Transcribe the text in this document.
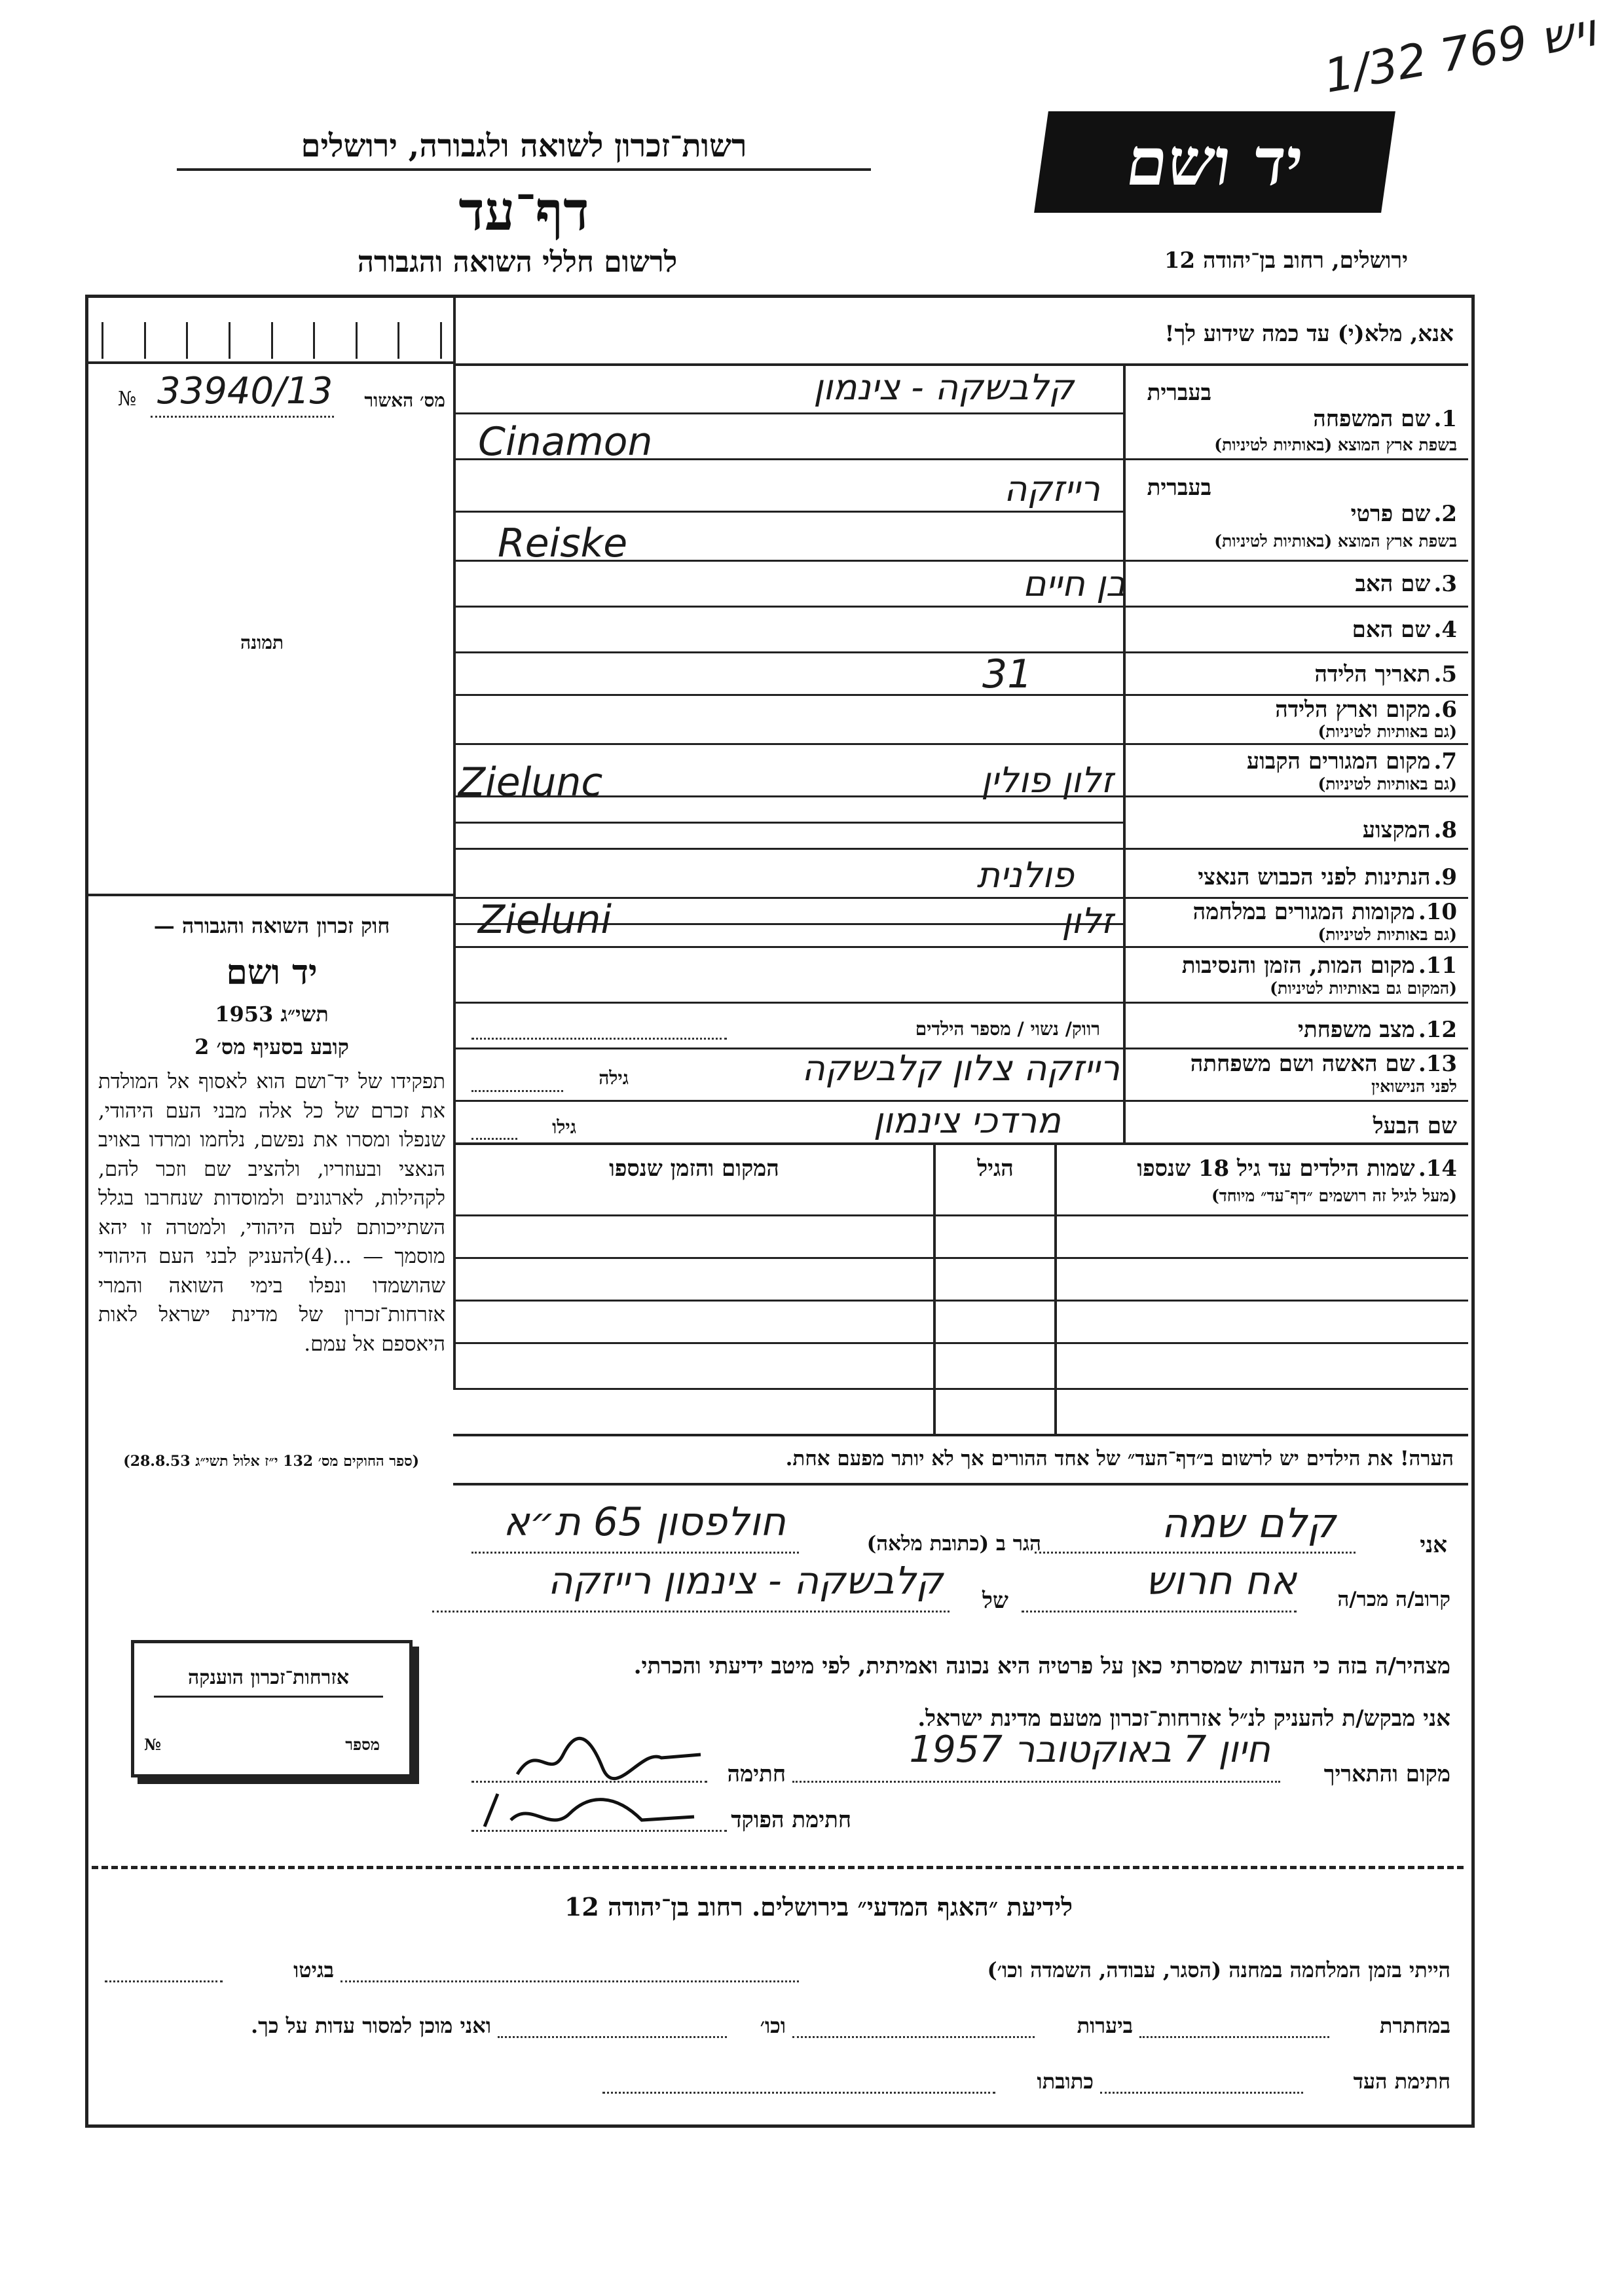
ויש 769 1/32
רשות־זכרון לשואה ולגבורה, ירושלים
דף־עד
לרשום חללי השואה והגבורה
יד ושם
ירושלים, רחוב בן־יהודה 12
אנא, מלא(י) עד כמה שידוע לך!
№ 33940/13	מס׳ האשור
תמונה
בעברית
1. שם המשפחה
בשפת ארץ המוצא (באותיות לטיניות)
קלבשקה - צינמון
Cinamon
בעברית
2. שם פרטי
בשפת ארץ המוצא (באותיות לטיניות)
רייזקה
Reiske
3. שם האב
בן חיים
4. שם האם
5. תאריך הלידה
31
6. מקום וארץ הלידה
(גם באותיות לטיניות)
7. מקום המגורים הקבוע
(גם באותיות לטיניות)
זלון פולין
Zielunc
8. המקצוע
9. הנתינות לפני הכבוש הנאצי
פולנית
10. מקומות המגורים במלחמה
(גם באותיות לטיניות)
זלון
Zieluni
11. מקום המות, הזמן והנסיבות
(המקום גם באותיות לטיניות)
12. מצב משפחתי
רווק/ נשוי / מספר הילדים
13. שם האשה ושם משפחתה
לפני הנישואין
רייזקה צלון קלבשקה
גילה
שם הבעל
מרדכי צינמון
גילו
14. שמות הילדים עד גיל 18 שנספו
(מעל לגיל זה רושמים ״דף־עד״ מיוחד)
הגיל
המקום והזמן שנספו
הערה! את הילדים יש לרשום ב״דף־העד״ של אחד ההורים אך לא יותר מפעם אחת.
חוק זכרון השואה והגבורה —
יד ושם
תשי״ג 1953
קובע בסעיף מס׳ 2
תפקידו של יד־ושם הוא לאסוף אל המולדת את זכרם של כל אלה מבני העם היהודי, שנפלו ומסרו את נפשם, נלחמו ומרדו באויב הנאצי ובעוזריו, ולהציב שם וזכר להם, לקהילות, לארגונים ולמוסדות שנחרבו בגלל השתייכותם לעם היהודי, ולמטרה זו יהא מוסמך — ...(4)להעניק לבני העם היהודי שהושמדו ונפלו בימי השואה והמרי אזרחות־זכרון של מדינת ישראל לאות היאספם אל עמם.
(ספר החוקים מס׳ 132 י״ז אלול תשי״ג 28.8.53)
אזרחות־זכרון הוענקה
מספר
№
אני
קלם שמה
הגר ב (כתובת מלאה)
חולפסון 65 ת״א
קרוב/ה מכר/ה
אח חרוש
של
קלבשקה - צינמון רייזקה
מצהיר/ה בזה כי העדות שמסרתי כאן על פרטיה היא נכונה ואמיתית, לפי מיטב ידיעתי והכרתי.
אני מבקש/ת להעניק לנ״ל אזרחות־זכרון מטעם מדינת ישראל.
מקום והתאריך
חיון 7 באוקטובר 1957
חתימה
חתימת הפוקד
לידיעת ״האגף המדעי״ בירושלים. רחוב בן־יהודה 12
הייתי בזמן המלחמה במחנה (הסגר, עבודה, השמדה וכו׳)
בגיטו
במחתרת
ביערות
וכו׳
ואני מוכן למסור עדות על כך.
חתימת העד
כתובתו
